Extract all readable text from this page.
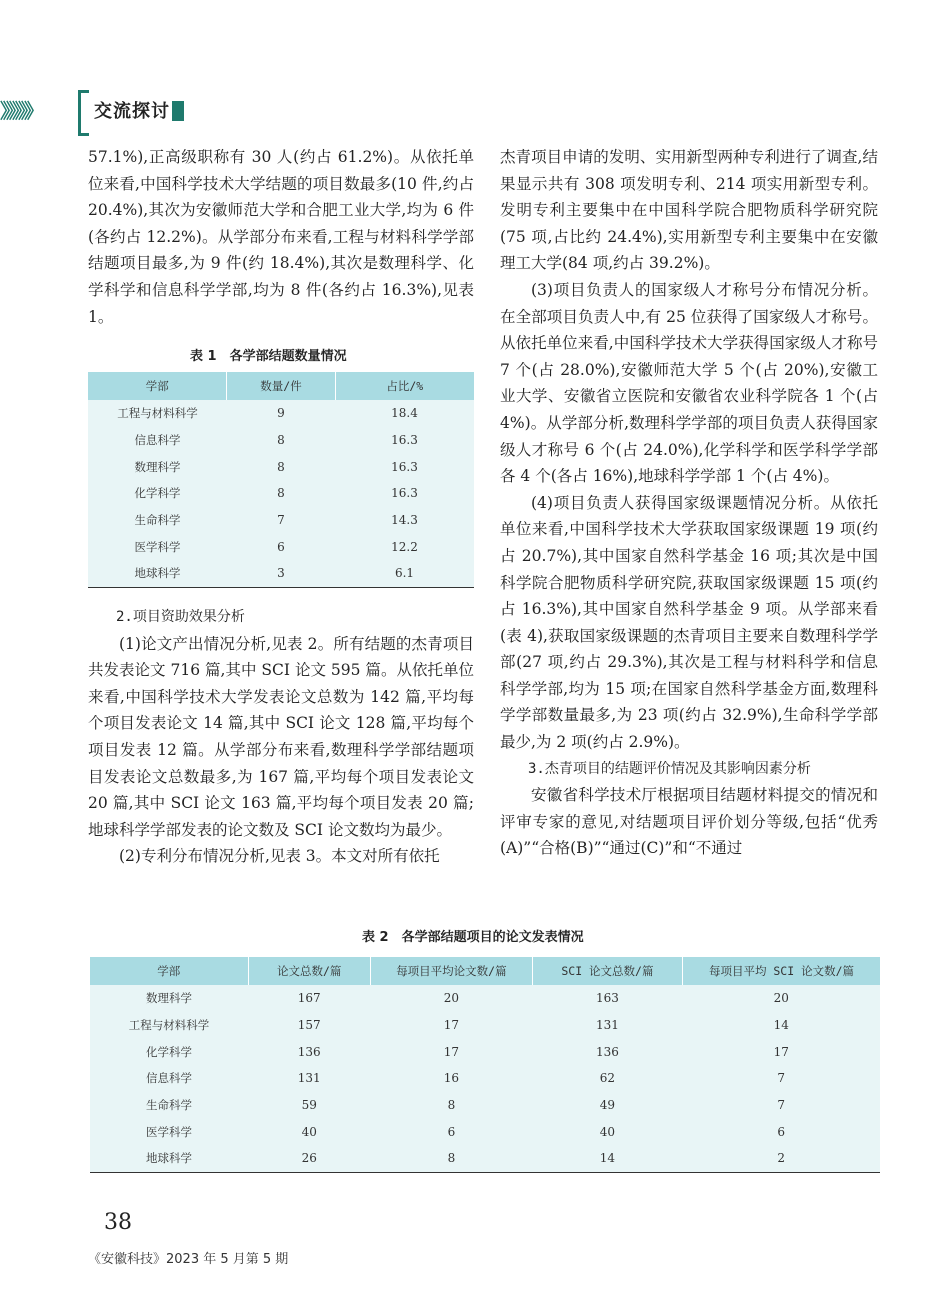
》》》》》	交流探讨

57.1%),正高级职称有 30 人(约占 61.2%)。从依托单位来看,中国科学技术大学结题的项目数最多(10 件,约占 20.4%),其次为安徽师范大学和合肥工业大学,均为 6 件(各约占 12.2%)。从学部分布来看,工程与材料科学学部结题项目最多,为 9 件(约 18.4%),其次是数理科学、化学科学和信息科学学部,均为 8 件(各约占 16.3%),见表 1。

表 1　各学部结题数量情况
学部	数量/件	占比/%
工程与材料科学	9	18.4
信息科学	8	16.3
数理科学	8	16.3
化学科学	8	16.3
生命科学	7	14.3
医学科学	6	12.2
地球科学	3	6.1

2.项目资助效果分析

(1)论文产出情况分析,见表 2。所有结题的杰青项目共发表论文 716 篇,其中 SCI 论文 595 篇。从依托单位来看,中国科学技术大学发表论文总数为 142 篇,平均每个项目发表论文 14 篇,其中 SCI 论文 128 篇,平均每个项目发表 12 篇。从学部分布来看,数理科学学部结题项目发表论文总数最多,为 167 篇,平均每个项目发表论文 20 篇,其中 SCI 论文 163 篇,平均每个项目发表 20 篇;地球科学学部发表的论文数及 SCI 论文数均为最少。

(2)专利分布情况分析,见表 3。本文对所有依托

杰青项目申请的发明、实用新型两种专利进行了调查,结果显示共有 308 项发明专利、214 项实用新型专利。发明专利主要集中在中国科学院合肥物质科学研究院(75 项,占比约 24.4%),实用新型专利主要集中在安徽理工大学(84 项,约占 39.2%)。

(3)项目负责人的国家级人才称号分布情况分析。在全部项目负责人中,有 25 位获得了国家级人才称号。从依托单位来看,中国科学技术大学获得国家级人才称号 7 个(占 28.0%),安徽师范大学 5 个(占 20%),安徽工业大学、安徽省立医院和安徽省农业科学院各 1 个(占 4%)。从学部分析,数理科学学部的项目负责人获得国家级人才称号 6 个(占 24.0%),化学科学和医学科学学部各 4 个(各占 16%),地球科学学部 1 个(占 4%)。

(4)项目负责人获得国家级课题情况分析。从依托单位来看,中国科学技术大学获取国家级课题 19 项(约占 20.7%),其中国家自然科学基金 16 项;其次是中国科学院合肥物质科学研究院,获取国家级课题 15 项(约占 16.3%),其中国家自然科学基金 9 项。从学部来看(表 4),获取国家级课题的杰青项目主要来自数理科学学部(27 项,约占 29.3%),其次是工程与材料科学和信息科学学部,均为 15 项;在国家自然科学基金方面,数理科学学部数量最多,为 23 项(约占 32.9%),生命科学学部最少,为 2 项(约占 2.9%)。

3.杰青项目的结题评价情况及其影响因素分析

安徽省科学技术厅根据项目结题材料提交的情况和评审专家的意见,对结题项目评价划分等级,包括“优秀(A)”“合格(B)”“通过(C)”和“不通过

表 2　各学部结题项目的论文发表情况
学部	论文总数/篇	每项目平均论文数/篇	SCI 论文总数/篇	每项目平均 SCI 论文数/篇
数理科学	167	20	163	20
工程与材料科学	157	17	131	14
化学科学	136	17	136	17
信息科学	131	16	62	7
生命科学	59	8	49	7
医学科学	40	6	40	6
地球科学	26	8	14	2
38
《安徽科技》2023 年 5 月第 5 期
